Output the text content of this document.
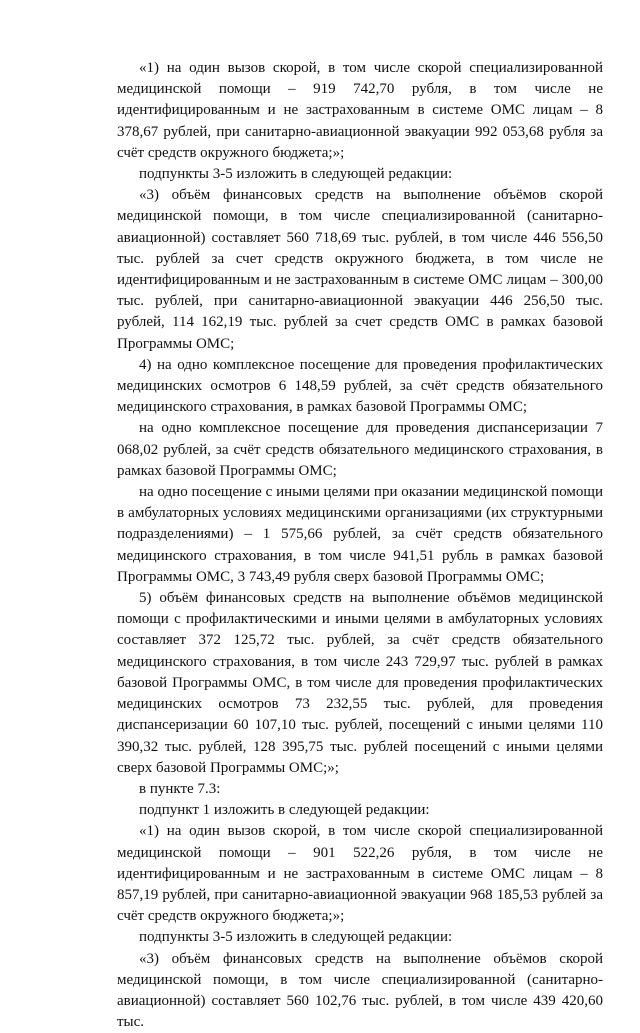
«1) на один вызов скорой, в том числе скорой специализированной медицинской помощи – 919 742,70 рубля, в том числе не идентифицированным и не застрахованным в системе ОМС лицам – 8 378,67 рублей, при санитарно-авиационной эвакуации 992 053,68 рубля за счёт средств окружного бюджета;»;

подпункты 3-5 изложить в следующей редакции:

«3) объём финансовых средств на выполнение объёмов скорой медицинской помощи, в том числе специализированной (санитарно-авиационной) составляет 560 718,69 тыс. рублей, в том числе 446 556,50 тыс. рублей за счет средств окружного бюджета, в том числе не идентифицированным и не застрахованным в системе ОМС лицам – 300,00 тыс. рублей, при санитарно-авиационной эвакуации 446 256,50 тыс. рублей, 114 162,19 тыс. рублей за счет средств ОМС в рамках базовой Программы ОМС;

4) на одно комплексное посещение для проведения профилактических медицинских осмотров 6 148,59 рублей, за счёт средств обязательного медицинского страхования, в рамках базовой Программы ОМС;

на одно комплексное посещение для проведения диспансеризации 7 068,02 рублей, за счёт средств обязательного медицинского страхования, в рамках базовой Программы ОМС;

на одно посещение с иными целями при оказании медицинской помощи в амбулаторных условиях медицинскими организациями (их структурными подразделениями) – 1 575,66 рублей, за счёт средств обязательного медицинского страхования, в том числе 941,51 рубль в рамках базовой Программы ОМС, 3 743,49 рубля сверх базовой Программы ОМС;

5) объём финансовых средств на выполнение объёмов медицинской помощи с профилактическими и иными целями в амбулаторных условиях составляет 372 125,72 тыс. рублей, за счёт средств обязательного медицинского страхования, в том числе 243 729,97 тыс. рублей в рамках базовой Программы ОМС, в том числе для проведения профилактических медицинских осмотров 73 232,55 тыс. рублей, для проведения диспансеризации 60 107,10 тыс. рублей, посещений с иными целями 110 390,32 тыс. рублей, 128 395,75 тыс. рублей посещений с иными целями сверх базовой Программы ОМС;»;

в пункте 7.3:

подпункт 1 изложить в следующей редакции:

«1) на один вызов скорой, в том числе скорой специализированной медицинской помощи – 901 522,26 рубля, в том числе не идентифицированным и не застрахованным в системе ОМС лицам – 8 857,19 рублей, при санитарно-авиационной эвакуации 968 185,53 рублей за счёт средств окружного бюджета;»;

подпункты 3-5 изложить в следующей редакции:

«3) объём финансовых средств на выполнение объёмов скорой медицинской помощи, в том числе специализированной (санитарно-авиационной) составляет 560 102,76 тыс. рублей, в том числе 439 420,60 тыс.
